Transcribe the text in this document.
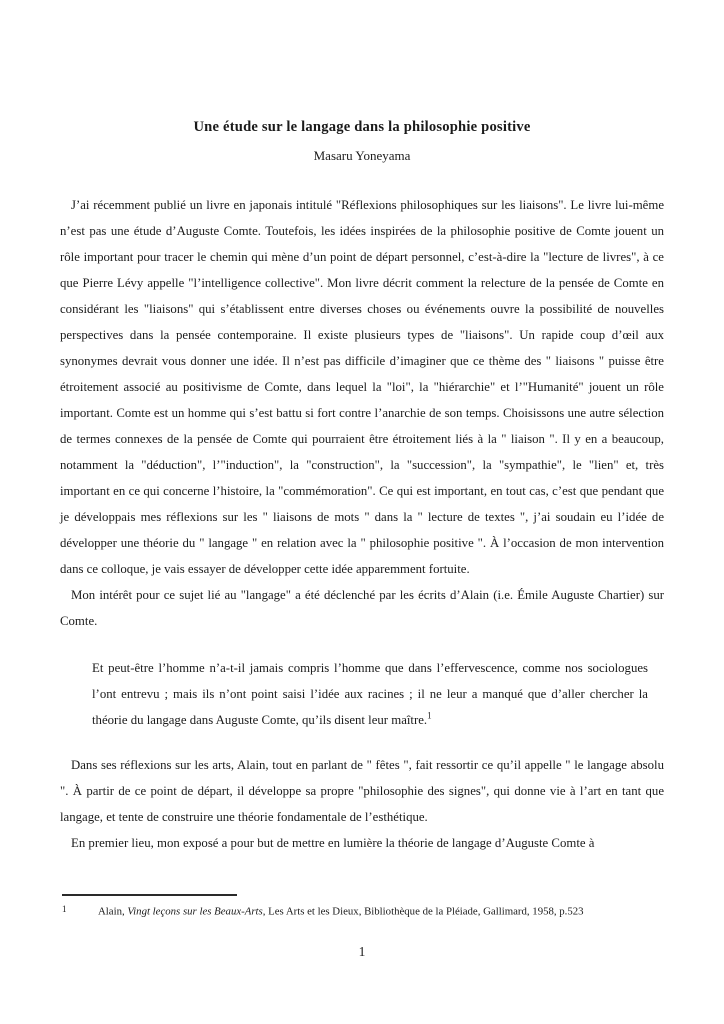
Une étude sur le langage dans la philosophie positive
Masaru Yoneyama

J’ai récemment publié un livre en japonais intitulé "Réflexions philosophiques sur les liaisons". Le livre lui-même n’est pas une étude d’Auguste Comte. Toutefois, les idées inspirées de la philosophie positive de Comte jouent un rôle important pour tracer le chemin qui mène d’un point de départ personnel, c’est-à-dire la "lecture de livres", à ce que Pierre Lévy appelle "l’intelligence collective". Mon livre décrit comment la relecture de la pensée de Comte en considérant les "liaisons" qui s’établissent entre diverses choses ou événements ouvre la possibilité de nouvelles perspectives dans la pensée contemporaine. Il existe plusieurs types de "liaisons". Un rapide coup d’œil aux synonymes devrait vous donner une idée. Il n’est pas difficile d’imaginer que ce thème des " liaisons " puisse être étroitement associé au positivisme de Comte, dans lequel la "loi", la "hiérarchie" et l’"Humanité" jouent un rôle important. Comte est un homme qui s’est battu si fort contre l’anarchie de son temps. Choisissons une autre sélection de termes connexes de la pensée de Comte qui pourraient être étroitement liés à la " liaison ". Il y en a beaucoup, notamment la "déduction", l’"induction", la "construction", la "succession", la "sympathie", le "lien" et, très important en ce qui concerne l’histoire, la "commémoration". Ce qui est important, en tout cas, c’est que pendant que je développais mes réflexions sur les " liaisons de mots " dans la " lecture de textes ", j’ai soudain eu l’idée de développer une théorie du " langage " en relation avec la " philosophie positive ". À l’occasion de mon intervention dans ce colloque, je vais essayer de développer cette idée apparemment fortuite.

Mon intérêt pour ce sujet lié au "langage" a été déclenché par les écrits d’Alain (i.e. Émile Auguste Chartier) sur Comte.

Et peut-être l’homme n’a-t-il jamais compris l’homme que dans l’effervescence, comme nos sociologues l’ont entrevu ; mais ils n’ont point saisi l’idée aux racines ; il ne leur a manqué que d’aller chercher la théorie du langage dans Auguste Comte, qu’ils disent leur maître.$^1$

Dans ses réflexions sur les arts, Alain, tout en parlant de " fêtes ", fait ressortir ce qu’il appelle " le langage absolu ". À partir de ce point de départ, il développe sa propre "philosophie des signes", qui donne vie à l’art en tant que langage, et tente de construire une théorie fondamentale de l’esthétique.

En premier lieu, mon exposé a pour but de mettre en lumière la théorie de langage d’Auguste Comte à

1	Alain, Vingt leçons sur les Beaux-Arts, Les Arts et les Dieux, Bibliothèque de la Pléiade, Gallimard, 1958, p.523
1
